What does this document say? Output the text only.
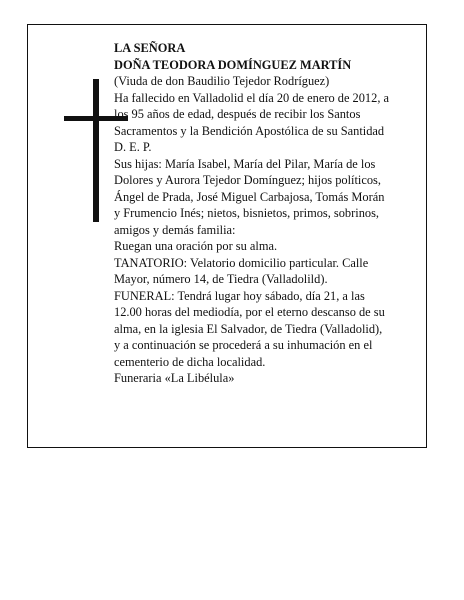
LA SEÑORA
DOÑA TEODORA DOMÍNGUEZ MARTÍN
(Viuda de don Baudilio Tejedor Rodríguez)
Ha fallecido en Valladolid el día 20 de enero de 2012, a
los 95 años de edad, después de recibir los Santos
Sacramentos y la Bendición Apostólica de su Santidad
D. E. P.
Sus hijas: María Isabel, María del Pilar, María de los
Dolores y Aurora Tejedor Domínguez; hijos políticos,
Ángel de Prada, José Miguel Carbajosa, Tomás Morán
y Frumencio Inés; nietos, bisnietos, primos, sobrinos,
amigos y demás familia:
Ruegan una oración por su alma.
TANATORIO: Velatorio domicilio particular. Calle
Mayor, número 14, de Tiedra (Valladolild).
FUNERAL: Tendrá lugar hoy sábado, día 21, a las
12.00 horas del mediodía, por el eterno descanso de su
alma, en la iglesia El Salvador, de Tiedra (Valladolid),
y a continuación se procederá a su inhumación en el
cementerio de dicha localidad.
Funeraria «La Libélula»
